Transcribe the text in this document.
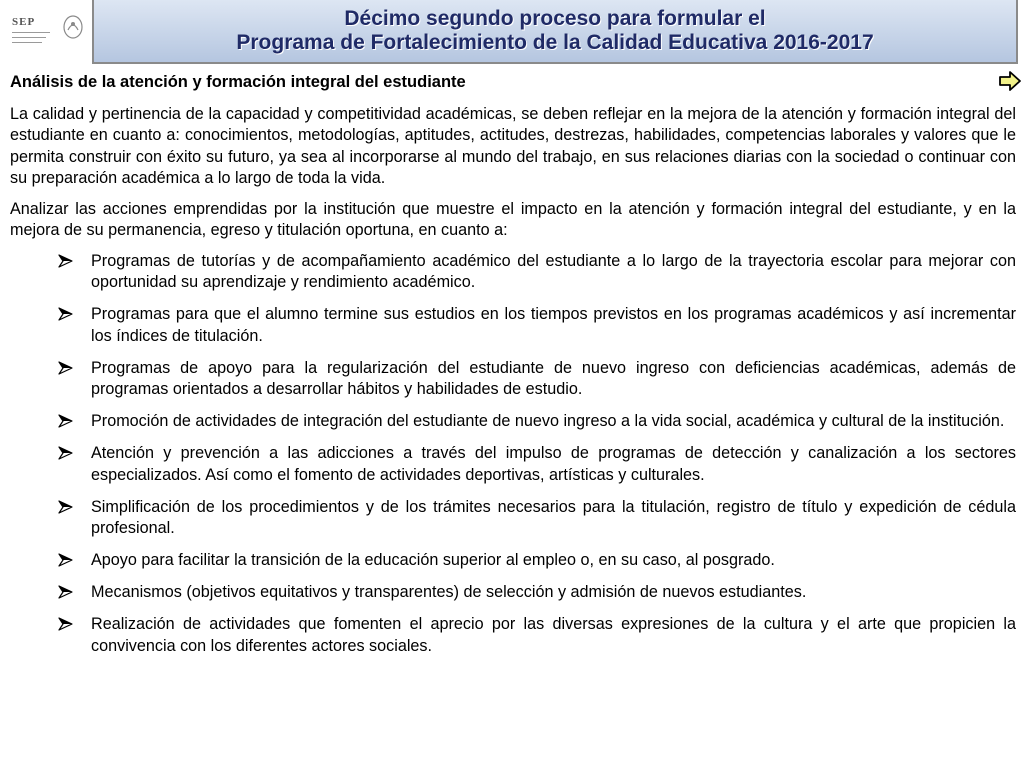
SEP	Décimo segundo proceso para formular el
Programa de Fortalecimiento de la Calidad Educativa 2016-2017
Análisis de la atención y formación integral del estudiante

La calidad y pertinencia de la capacidad y competitividad académicas, se deben reflejar en la mejora de la atención y formación integral del estudiante en cuanto a: conocimientos, metodologías, aptitudes, actitudes, destrezas, habilidades, competencias laborales y valores que le permita construir con éxito su futuro, ya sea al incorporarse al mundo del trabajo, en sus relaciones diarias con la sociedad o continuar con su preparación académica a lo largo de toda la vida.

Analizar las acciones emprendidas por la institución que muestre el impacto en la atención y formación integral del estudiante, y en la mejora de su permanencia, egreso y titulación oportuna, en cuanto a:

Programas de tutorías y de acompañamiento académico del estudiante a lo largo de la trayectoria escolar para mejorar con oportunidad su aprendizaje y rendimiento académico.
Programas para que el alumno termine sus estudios en los tiempos previstos en los programas académicos y así incrementar los índices de titulación.
Programas de apoyo para la regularización del estudiante de nuevo ingreso con deficiencias académicas, además de programas orientados a desarrollar hábitos y habilidades de estudio.
Promoción de actividades de integración del estudiante de nuevo ingreso a la vida social, académica y cultural de la institución.
Atención y prevención a las adicciones a través del impulso de programas de detección y canalización a los sectores especializados. Así como el fomento de actividades deportivas, artísticas y culturales.
Simplificación de los procedimientos y de los trámites necesarios para la titulación, registro de título y expedición de cédula profesional.
Apoyo para facilitar la transición de la educación superior al empleo o, en su caso, al posgrado.
Mecanismos (objetivos equitativos y transparentes) de selección y admisión de nuevos estudiantes.
Realización de actividades que fomenten el aprecio por las diversas expresiones de la cultura y el arte que propicien la convivencia con los diferentes actores sociales.
